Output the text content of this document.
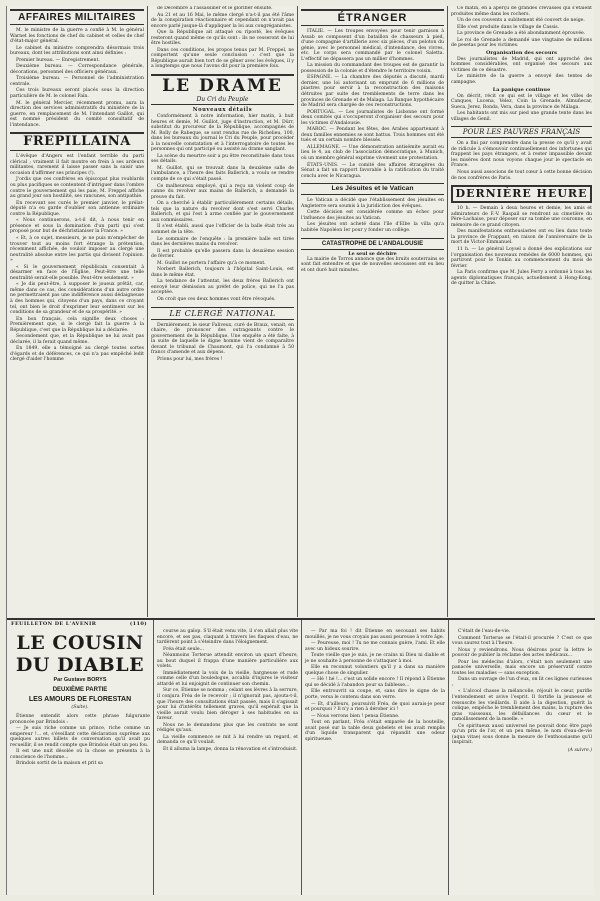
AFFAIRES MILITAIRES

M. le ministre de la guerre a confié à M. le général Warnet les fonctions de chef du cabinet et celles de chef d'état-major général.

Le cabinet du ministre comprendra désormais trois bureaux, dont les attributions sont ainsi définies :

Premier bureau. — Enregistrement.

Deuxième bureau. — Correspondance générale, décorations, personnel des officiers généraux.

Troisième bureau. — Personnel de l'administration centrale.

Ces trois bureaux seront placés sous la direction particulière de M. le colonel Fain.

M. le général Mercier, récemment promu, aura la direction des services administratifs du ministère de la guerre, en remplacement de M. l'intendant Gaillot, qui est nommé président du comité consultatif de l'intendance.

FREPILLAINA

L'évêque d'Angers est l'enfant terrible du parti clérical ; vraiment il fait montre en frein à ses ardeurs militantes, rarement il laisse passer sans la saisir une occasion d'affirmer ses principes (!).

J'ordis que ces confrères en épiscopat plus roublards ou plus pacifiques se contentent d'intriguer dans l'ombre contre le gouvernement qui les paie, M. Freppel affiche au grand jour son hostilité, ses rancunes, son antipathie.

En recevant ses curés le premier janvier, le prélat-député n'a eu garde d'oublier son antienne ordinaire contre la République.

« Nous continuerons, a-t-il dit, à nous tenir en présence et sous la domination d'un parti qui s'est proposé pour but de déchristianiser la France. »

« Et, à ce sujet, messieurs, je ne puis m'empêcher de trouver tout au moins fort étrange la prétention, récemment affichée, de vouloir imposer au clergé une neutralité absolue entre les partis qui divisent l'opinion. »

« Si le gouvernement républicain consentait à désarmer en face de l'Église, Peut-être une telle neutralité serait-elle possible. Peut-être seulement. »

« Je dis peut-être, à supposer le joueux prêtât, car, même dans ce cas, des considérations d'un autre ordre ne permettraient pas une indifférence aussi dédaigneuse à des hommes qui, citoyens d'un pays, dans ce croyant tel, ont bien le droit d'exprimer leur sentiment sur les conditions de sa grandeur et de sa prospérité. »

En bon français, cela signifie deux choses : Premièrement que, si le clergé fait la guerre à la République, c'est que la République lui a déclarée.

Secondement que, et la République ne lui avait pas déclarée, il la ferait quand même.

En 1849, elle a témoigné au clergé toutes sortes d'égards et de déférences, ce qui n'a pas empêché ledit clergé d'aider l'homme

de Décembre à l'assassiner et le glorifier ensuite.

Au 21 et au 16 Mai, le même clergé n'a-t-il pas été l'âme de la conspiration réactionnaire et cependant on n'avait pas encore parlé jusque-là d'appliquer la loi aux congréganistes.

Que la République ait attaqué ou riposté, les évêques resteront quand même ce qu'ils sont : ils ne cesseront de lui être hostiles.

Dans ces conditions, les propos tenus par M. Freppel, ne comportent qu'une seule conclusion : c'est que la République aurait bien tort de se gêner avec les évêques, il y a longtemps que nous l'avons dit pour la première fois.

LE DRAME
Du Cri du Peuple
Nouveaux détails

Conformément à notre information, hier matin, à huit heures et demie, M. Guillot, juge d'instruction, et M. Dürr, substitut du procureur de la République, accompagnés de M. Rolly de Rabeque, se sont rendus rue de Richelieu, 100, dans les bureaux du journal le Cri du Peuple, pour procéder à la nouvelle constatation et à l'interrogatoire de toutes les personnes qui ont participé ou assisté au drame sanglant.

La scène du meurtre soir a pu être reconstituée dans tous ses détails.

M. Guillot, qui se trouvait dans la deuxième salle de l'ambulance, a l'heure des faits Ballerich, a voulu se rendre compte de ce qui s'était passé.

Ce malheureux employé, qui a reçu un violent coup de canne du revolver aux mains de Ballerich, a demandé la preuve du fait.

On a cherché à établir particulièrement certains détails, tels que la nature du revolver dont s'est servi Charles Ballerich, et qui l'est à arme confiée par le gouvernement aux commissaires.

Il s'est établi, aussi que l'officier de la balle était très au sommet de la tête.

Le sommaire de l'enquête : la première balle est tirée dans les dernières mains du revolver.

Il est probable qu'elle passera dans la deuxième session de février.

M. Guillot ne portera l'affaire qu'à ce moment.

Norbert Ballerich, toujours à l'hôpital Saint-Louis, est dans le même état.

La tendance de l'attentat, les deux frères Ballerich ont envoyé leur démission au préfet de police, qui ne l'a pas acceptée.

On croit que ces deux hommes vont être révoqués.

LE CLERGÉ NATIONAL

Dernièrement, le sieur Faliveux, curé de Braux, venait, en chaire, de prononcer des outrageants contre le gouvernement de la République. Une enquête a été faite, à la suite de laquelle le digne homme vient de comparaître devant le tribunal de Chaumont, qui l'a condamné à 50 francs d'amende et aux dépens.

Prions pour lui, mes frères !

ÉTRANGER

ITALIE. — Les troupes envoyées pour tenir garnison à Assab se composent d'un bataillon de chasseurs à pied, d'une compagnie d'artillerie avec six pièces, d'un peloton du génie, avec le personnel médical, d'intendance, des vivres, etc. Le corps sera commandé par le colonel Saletta. L'effectif ne dépassera pas un millier d'hommes.

La mission du commandant des troupes est de garantir la possession de la colonie et d'étendre le territoire voisin.

ESPAGNE. — La chambre des députés a discuté, mardi dernier, une loi autorisant un emprunt de 6 millions de piastres pour servir à la reconstruction des maisons détruites par suite des tremblements de terre dans les provinces de Grenade et de Malaga. La Banque hypothécaire de Madrid sera chargée de ces reconstructions.

PORTUGAL. — Les journalistes de Lisbonne ont formé deux comités qui s'occuperont d'organiser des secours pour les victimes d'Andalousie.

MAROC. — Pendant les fêtes, des Arabes appartenant à deux familles ennemies se sont battus. Trois hommes ont été tués et un certain nombre blessés.

ALLEMAGNE. — Une démonstration antisémite aurait eu lieu le 4, au club de l'association démocratique, à Munich, où un membre général exprime vivement une protestation.

ÉTATS-UNIS. — Le comité des affaires étrangères du Sénat a fait un rapport favorable à la ratification du traité conclu avec le Nicaragua.

Les Jésuites et le Vatican

Le Vatican a décidé que l'établissement des jésuites en Angleterre sera soumis à la juridiction des évêques.

Cette décision est considérée comme un échec pour l'influence des jésuites au Vatican.

Les jésuites ont acheté dans l'île d'Elbe la villa qu'a habitée Napoléon Ier pour y fonder un collège.

CATASTROPHE DE L'ANDALOUSIE
Le seul se déchire

La mairie de Torrox annonce que des bruits souterrains se sont fait entendre et que de nouvelles secousses ont eu lieu et ont duré huit minutes.

Ce matin, en a aperçu de grandes crevasses qui s'étaient produites même dans les rochers.

Un de ces couvents a subitement été couvert de neige.

Elle s'est produite dans le village de Cassis.

La province de Grenade a été abondamment éprouvée.

Le roi de Grenade a demandé une vingtaine de millions de pesetas pour les victimes.

Organisation des secours

Des journalistes de Madrid, qui ont approché des hommes considérables, ont organisé des secours aux victimes de ce désastre.

Le ministre de la guerre a envoyé des tentes de campagne.

La panique continue

On décrit, récit ce qui est le village et les villes de Canques, Lucena, Velez, Coin la Grenade, Almuñecar, Sueca, Jerez, Ronda, Vera, dans la province de Málaga.

Les habitants ont mis sur pied une grande tente dans les villages de Genil.

POUR LES PAUVRES FRANÇAIS

On a fini par comprendre dans la presse ce qu'il y avait de ridicule à s'émouvoir continuellement des infortunes qui frappent les pays étrangers, et à rester impassible devant les misères dont nous voyons chaque jour le spectacle en France.

Nous aussi associons de tout cœur à cette bonne décision de nos confrères de Paris.

DERNIÈRE HEURE

10 h. — Demain à deux heures et demie, les amis et admirateurs de F.-V. Raspail se rendront au cimetière du Père-Lachaise, pour déposer sur sa tombe une couronne, en mémoire de ce grand citoyen.

Des manifestations enthousiastes ont eu lieu dans toute la province de Frappant, en raison de l'anniversaire de la mort de Victor-Emmanuel.

11 h. — Le général Loysel a donné des explications sur l'organisation des nouveaux remèdes de 6000 hommes, qui partiront pour le Tonkin au commencement du mois de février.

La Paris confirme que M. Jules Ferry a ordonné à tous les agents diplomatiques français, actuellement à Hong-Kong, de quitter la Chine.

FEUILLETON DE L'AVENIR	(110)
LE COUSIN DU DIABLE
Par Gustave BORYS
DEUXIÈME PARTIE
LES AMOURS DE FLORESTAN
(Suite).

Étienne entendit alors cette phrase fulgurante prononcée par Brindois :

— Je suis riche comme un prince, riche comme un empereur !... et, s'éveillant cette déclaration suprême aux quelques autres billets de conversation qu'il avait pu recueillir, il se rendit compte que Brindois était un peu fou.

Il est une nuit désolée où la chose se présenta à la conscience de l'homme...

Brindois sortit de la maison et prit sa

course au galop. S'il était venu vite, il s'en allait plus vite encore, et ses pas, claquant à travers les flaques d'eau, ne tardèrent point à s'éteindre dans l'éloignement.

Fréa était seule...

Néanmoins Torterue attendit environ un quart d'heure, au bout duquel il frappa d'une manière particulière aux volets.

Immédiatement la voix de la vieille, hargneuse et rude comme celle d'un bouledogue, accabla d'injures le visiteur attardé et lui enjoignit de continuer son chemin.

Sur ce, Étienne se nomma ; celant ses lèvres à la serrure, il conjura Fréa de le recevoir ; il n'ignorait pas, ajouta-t-il, que l'heure des consultations était passée, mais il s'agissait pour lui d'intérêts tellement graves, qu'il espérait que la vieille aurait voulu bien déroger à ses habitudes en sa faveur.

Nous ne le demandons plus que les contrats ne sont rédigés qu'aux.

La vieille commence se mit à lui rendre un regard, et demanda ce qu'il voulait.

Et il alluma la lampe, donna la rénovation et s'introduisit.

— Par ma foi ! dit Étienne en secouant ses habits mouillés, je ne vous croyais pas aussi peureuse à votre âge.

— Peureuse, moi ! Tu ne me connais guère, l'ami. Et elle avec un hideux sourire.

Toute vieille que je suis, je ne crains ni Dieu ni diable et je ne souhaite à personne de s'attaquer à moi.

Elle en reconnut volontiers qu'il y a dans sa manière quelque chose de singulier.

— Hé ! hé !... c'est un solide encore ! Il répond à Étienne qui se décidé à l'abandon pour sa faiblesse...

Elle entrouvrit sa coupe, et, sans dire le signe de la porte, versa le contenu dans son verre.

— Et, d'ailleurs, poursuivit Fréa, de quoi aurais-je peur et pourquoi ? Il n'y a rien à dérober ici !

— Nous verrons bien ! pensa Étienne.

Tout en parlant, Fréa s'était emparée de la bouteille, avait posé sur la table deux gobelets et les avait remplis d'un liquide transparent qui répandit une odeur spiritueuse.

C'était de l'eau-de-vie.

Comment Torterue se l'était-il procurée ? C'est ce que vous saurez tout à l'heure.

Nous y reviendrons. Nous désirons pour la lettre le pouvoir de publier la réclame des actes médicaux...

Pour les médecins d'alors, c'était non seulement une panacée universelle, mais encore un préservatif contre toutes les maladies — sans exception.

Dans un ouvrage de l'un d'eux, on lit ces lignes curieuses :

« L'alcool chasse la mélancolie, réjouit le cœur, purifie l'entendement et avive l'esprit. Il fortifie la jeunesse et ressuscite les vieillards. Il aide à la digestion, guérit la colique, empêche le tremblement des mains, la rupture des gras vaisseaux, les défaillances du cœur et le ramollissement de la moelle. »

Ce spiritueux aussi universel ne pouvait donc être payé qu'un prix de l'or, et un peu même, le nom d'eau-de-vie (aqua vitae) sous donne la mesure de l'enthousiasme qu'il inspirait.

(A suivre.)
